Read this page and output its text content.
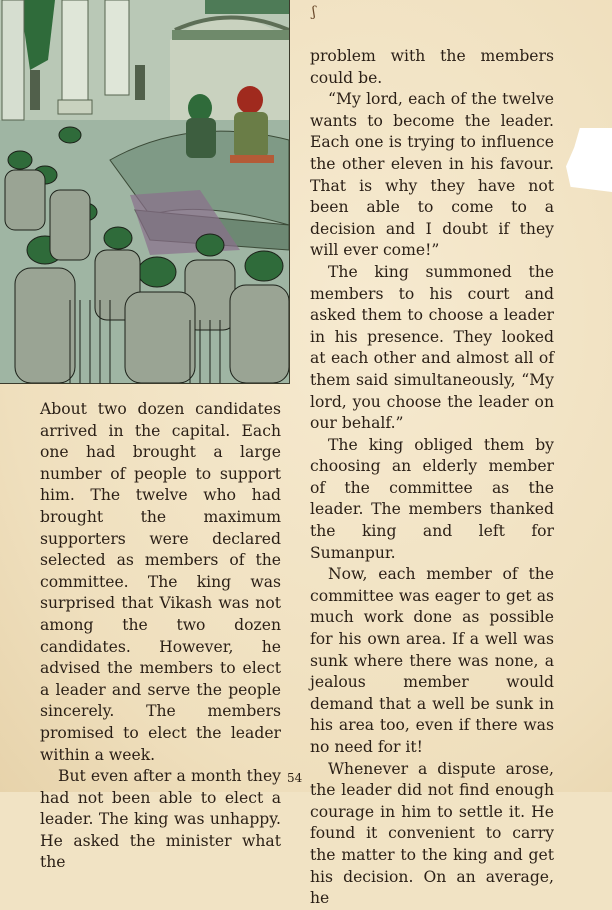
ʃ

About two dozen candidates arrived in the capital. Each one had brought a large number of people to support him. The twelve who had brought the maximum supporters were declared selected as members of the committee. The king was surprised that Vikash was not among the two dozen candidates. However, he advised the members to elect a leader and serve the people sincerely. The members promised to elect the leader within a week.

But even after a month they had not been able to elect a leader. The king was unhappy. He asked the minister what the

problem with the members could be.

“My lord, each of the twelve wants to become the leader. Each one is trying to influence the other eleven in his favour. That is why they have not been able to come to a decision and I doubt if they will ever come!”

The king summoned the members to his court and asked them to choose a leader in his presence. They looked at each other and almost all of them said simultaneously, “My lord, you choose the leader on our behalf.”

The king obliged them by choosing an elderly member of the committee as the leader. The members thanked the king and left for Sumanpur.

Now, each member of the committee was eager to get as much work done as possible for his own area. If a well was sunk where there was none, a jealous member would demand that a well be sunk in his area too, even if there was no need for it!

Whenever a dispute arose, the leader did not find enough courage in him to settle it. He found it convenient to carry the matter to the king and get his decision. On an average, he

54
